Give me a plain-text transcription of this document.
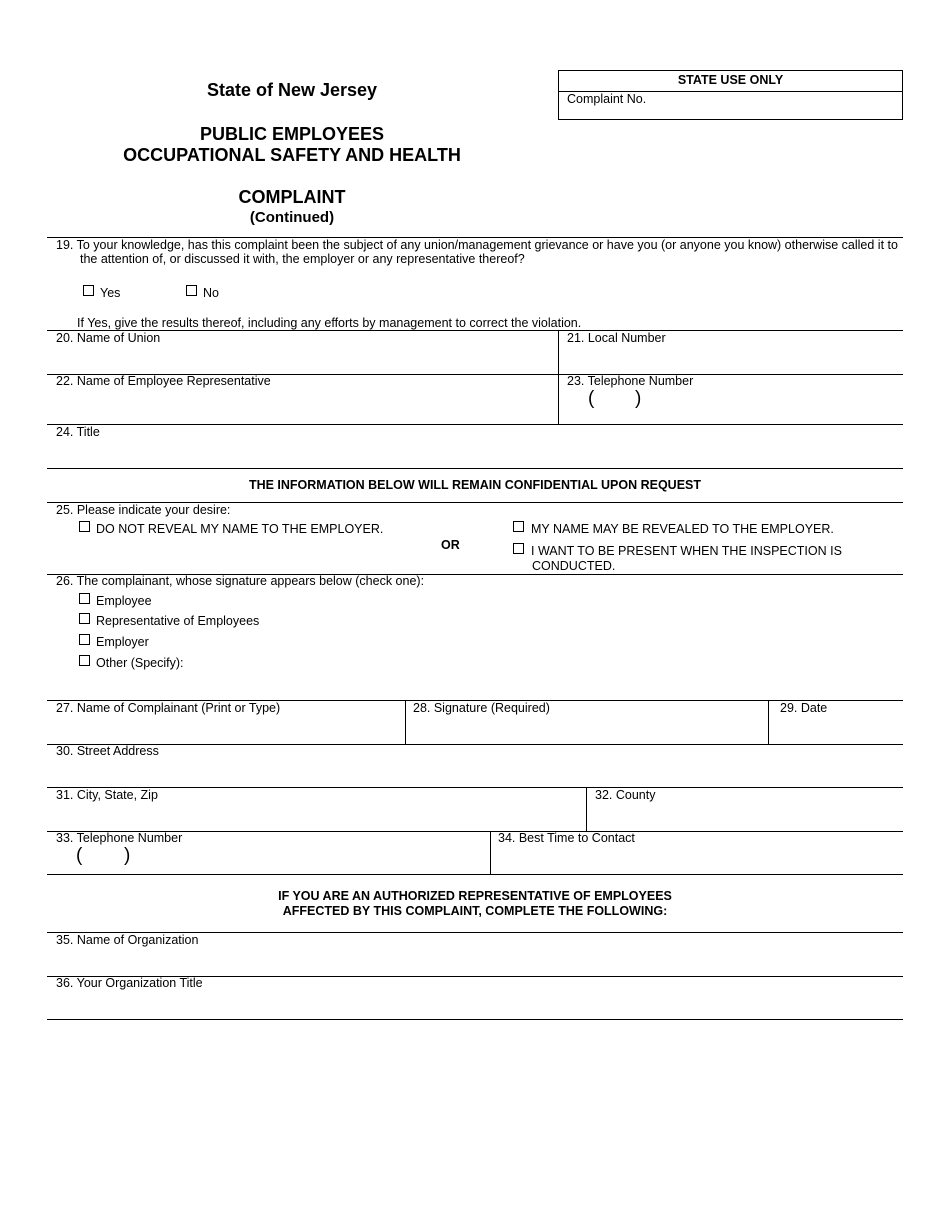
State of New Jersey
PUBLIC EMPLOYEES
OCCUPATIONAL SAFETY AND HEALTH
COMPLAINT
(Continued)
STATE USE ONLY
Complaint No.
19. To your knowledge, has this complaint been the subject of any union/management grievance or have you (or anyone you know) otherwise called it to
the attention of, or discussed it with, the employer or any representative thereof?
Yes	No
If Yes, give the results thereof, including any efforts by management to correct the violation.
20. Name of Union	21. Local Number
22. Name of Employee Representative	23. Telephone Number
( )
24. Title
THE INFORMATION BELOW WILL REMAIN CONFIDENTIAL UPON REQUEST
25. Please indicate your desire:
DO NOT REVEAL MY NAME TO THE EMPLOYER.
OR
MY NAME MAY BE REVEALED TO THE EMPLOYER.
I WANT TO BE PRESENT WHEN THE INSPECTION IS
CONDUCTED.
26. The complainant, whose signature appears below (check one):
Employee
Representative of Employees
Employer
Other (Specify):
27. Name of Complainant (Print or Type)	28. Signature (Required)	29. Date
30. Street Address
31. City, State, Zip	32. County
33. Telephone Number
( )
34. Best Time to Contact
IF YOU ARE AN AUTHORIZED REPRESENTATIVE OF EMPLOYEES
AFFECTED BY THIS COMPLAINT, COMPLETE THE FOLLOWING:
35. Name of Organization
36. Your Organization Title
